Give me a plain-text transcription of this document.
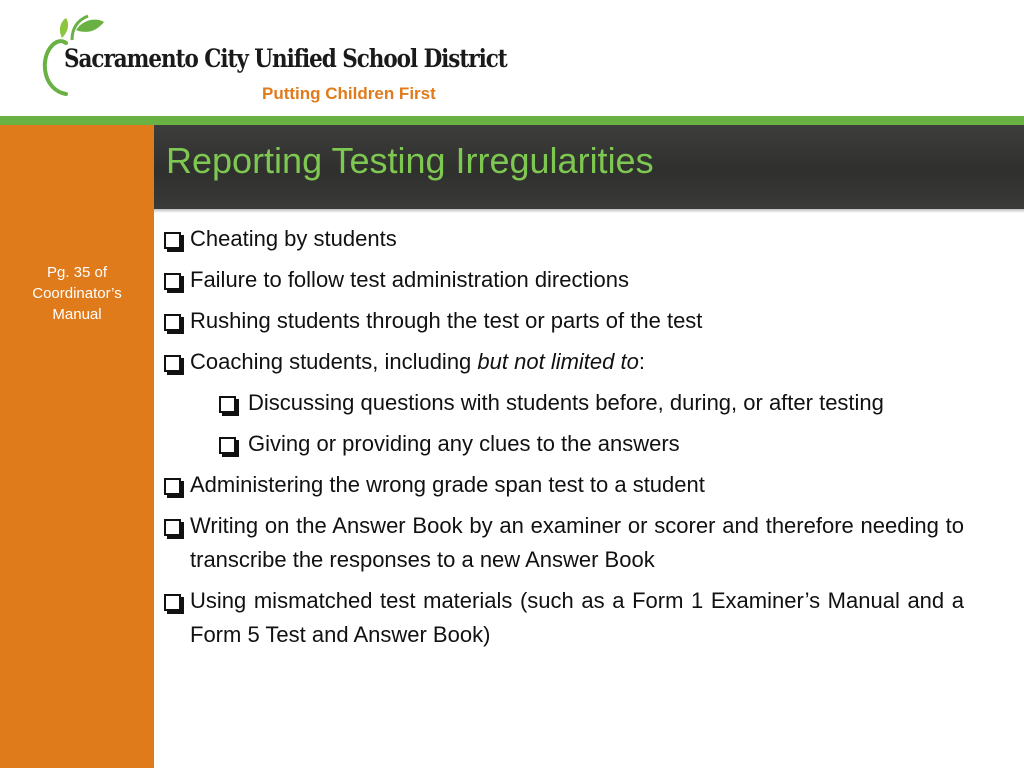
Sacramento City Unified School District
Putting Children First
Pg. 35 of
Coordinator’s
Manual
Reporting Testing Irregularities
Cheating by students
Failure to follow test administration directions
Rushing students through the test or parts of the test
Coaching students, including but not limited to:
Discussing questions with students before, during, or after testing
Giving or providing any clues to the answers
Administering the wrong grade span test to a student
Writing on the Answer Book by an examiner or scorer and therefore needing to transcribe the responses to a new Answer Book
Using mismatched test materials (such as a Form 1 Examiner’s Manual and a Form 5 Test and Answer Book)
